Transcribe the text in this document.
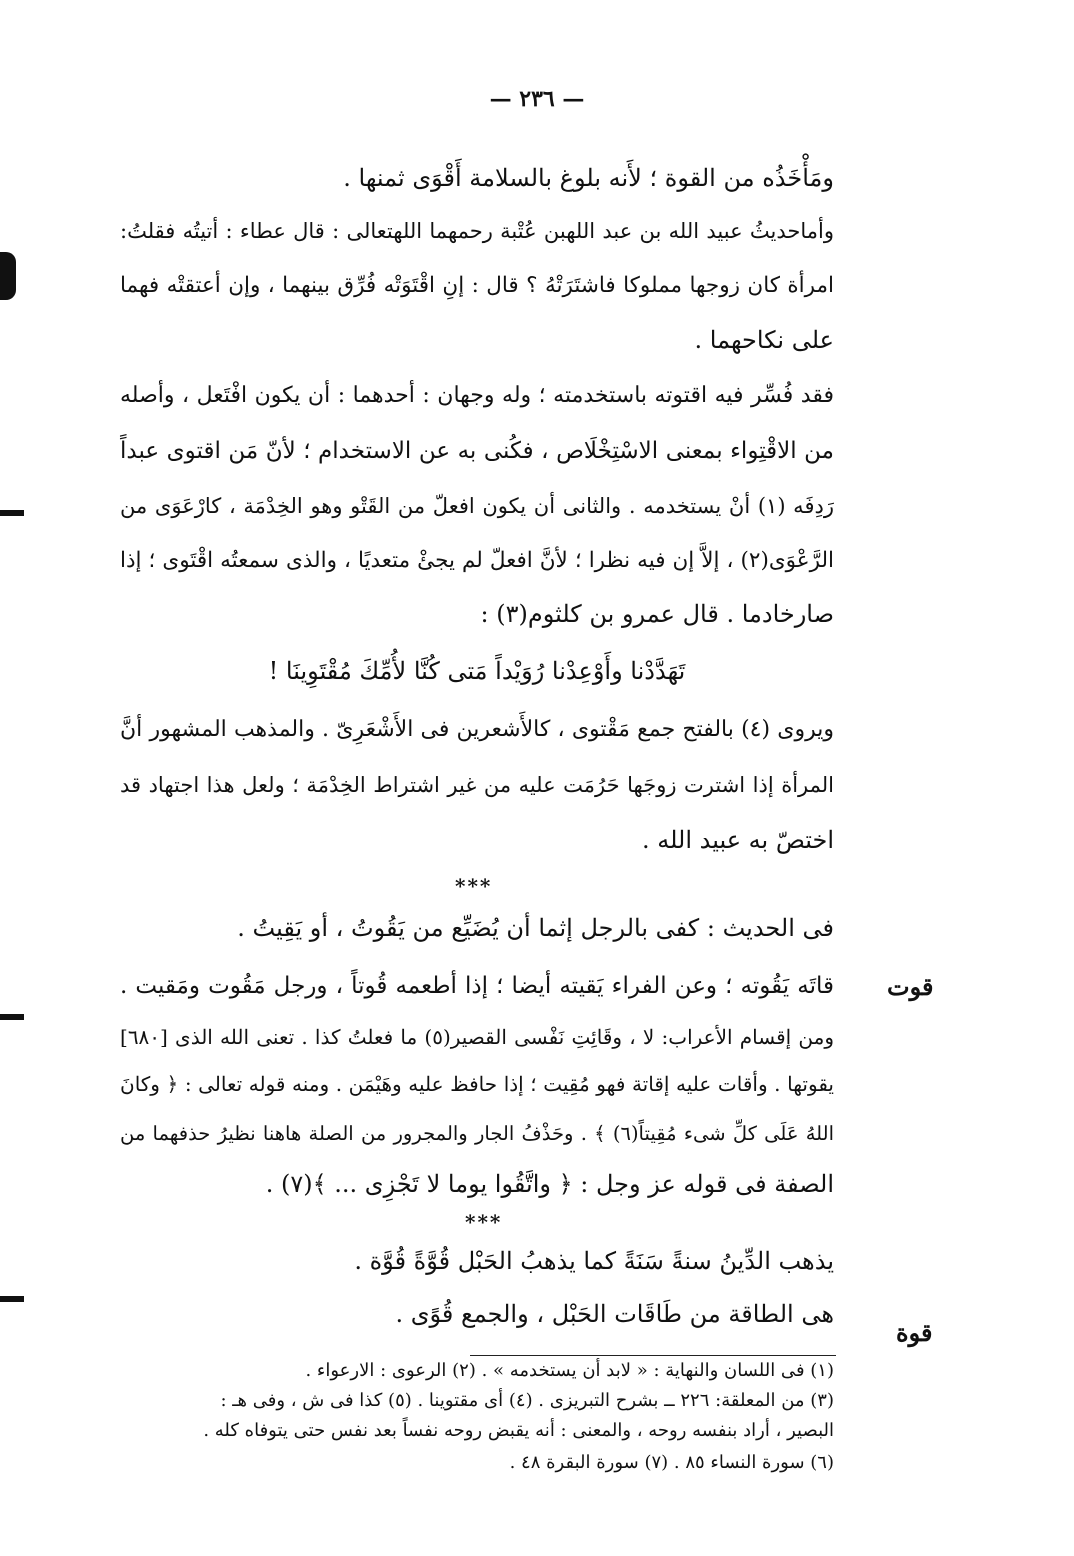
— ٢٣٦ —
ومَأْخَذُه من القوة ؛ لأَنه بلوغ بالسلامة أَقْوَى ثمنها .
وأماحديثُ عبيد الله بن عبد اللهبن عُتْبة رحمهما اللهتعالى : قال عطاء : أتيتُه فقلتُ:
امرأة كان زوجها مملوكا فاشتَرَتْهُ ؟ قال : إنِ اقْتَوَتْه فُرِّق بينهما ، وإن أعتقتْه فهما
على نكاحهما .
فقد فُسِّر فيه اقتوته باستخدمته ؛ وله وجهان : أحدهما : أن يكون افْتَعل ، وأصله
من الاقْتِواء بمعنى الاسْتِخْلَاص ، فكُنى به عن الاستخدام ؛ لأنّ مَن اقتوى عبداً
رَدِفَه (١) أنْ يستخدمه . والثانى أن يكون افعلّ من القَتْو وهو الخِدْمَة ، كارْعَوَى من
الرَّعْوَى(٢) ، إلاَّ إن فيه نظرا ؛ لأنَّ افعلّ لم يجئْ متعديًا ، والذى سمعتُه اقْتَوى ؛ إذا
صارخادما . قال عمرو بن كلثوم(٣) :
تَهَدَّدْنا وأَوْعِدْنا رُوَيْداً مَتى كُنَّا لأُمِّكَ مُقْتَوِينَا !
ويروى (٤) بالفتح جمع مَقْتوى ، كالأَشعرين فى الأَشْعَرِىّ . والمذهب المشهور أنَّ
المرأة إذا اشترت زوجَها حَرُمَت عليه من غير اشتراط الخِدْمَة ؛ ولعل هذا اجتهاد قد
اختصّ به عبيد الله .
***
فى الحديث : كفى بالرجل إثما أن يُضَيِّع من يَقُوتُ ، أو يَقِيتُ .
قوت
قاتَه يَقُوته ؛ وعن الفراء يَقيته أيضا ؛ إذا أطعمه قُوتاً ، ورجل مَقُوت ومَقيت .
ومن إقسام الأعراب: لا ، وقَائِتِ نَفْسى القصير(٥) ما فعلتُ كذا . تعنى الله الذى [٦٨٠]
يقوتها . وأقات عليه إقاتة فهو مُقِيت ؛ إذا حافظ عليه وهَيْمَن . ومنه قوله تعالى : ﴿ وكانَ
اللهُ عَلَى كلِّ شىء مُقِيتاً(٦) ﴾ . وحَذْفُ الجار والمجرور من الصلة هاهنا نظيرُ حذفهما من
الصفة فى قوله عز وجل : ﴿ واتَّقُوا يوما لا تَجْزِى ... ﴾(٧) .
***
يذهب الدِّينُ سنةً سَنَةً كما يذهبُ الحَبْل قُوَّةً قُوَّة .
هى الطاقة من طَاقَات الحَبْل ، والجمع قُوًى .
قوة
(١) فى اللسان والنهاية : « لابد أن يستخدمه » . (٢) الرعوى : الارعواء .
(٣) من المعلقة: ٢٢٦ ــ بشرح التبريزى . (٤) أى مقتوينا . (٥) كذا فى ش ، وفى هـ :
البصير ، أراد بنفسه روحه ، والمعنى : أنه يقبض روحه نفساً بعد نفس حتى يتوفاه كله .
(٦) سورة النساء ٨٥ . (٧) سورة البقرة ٤٨ .
